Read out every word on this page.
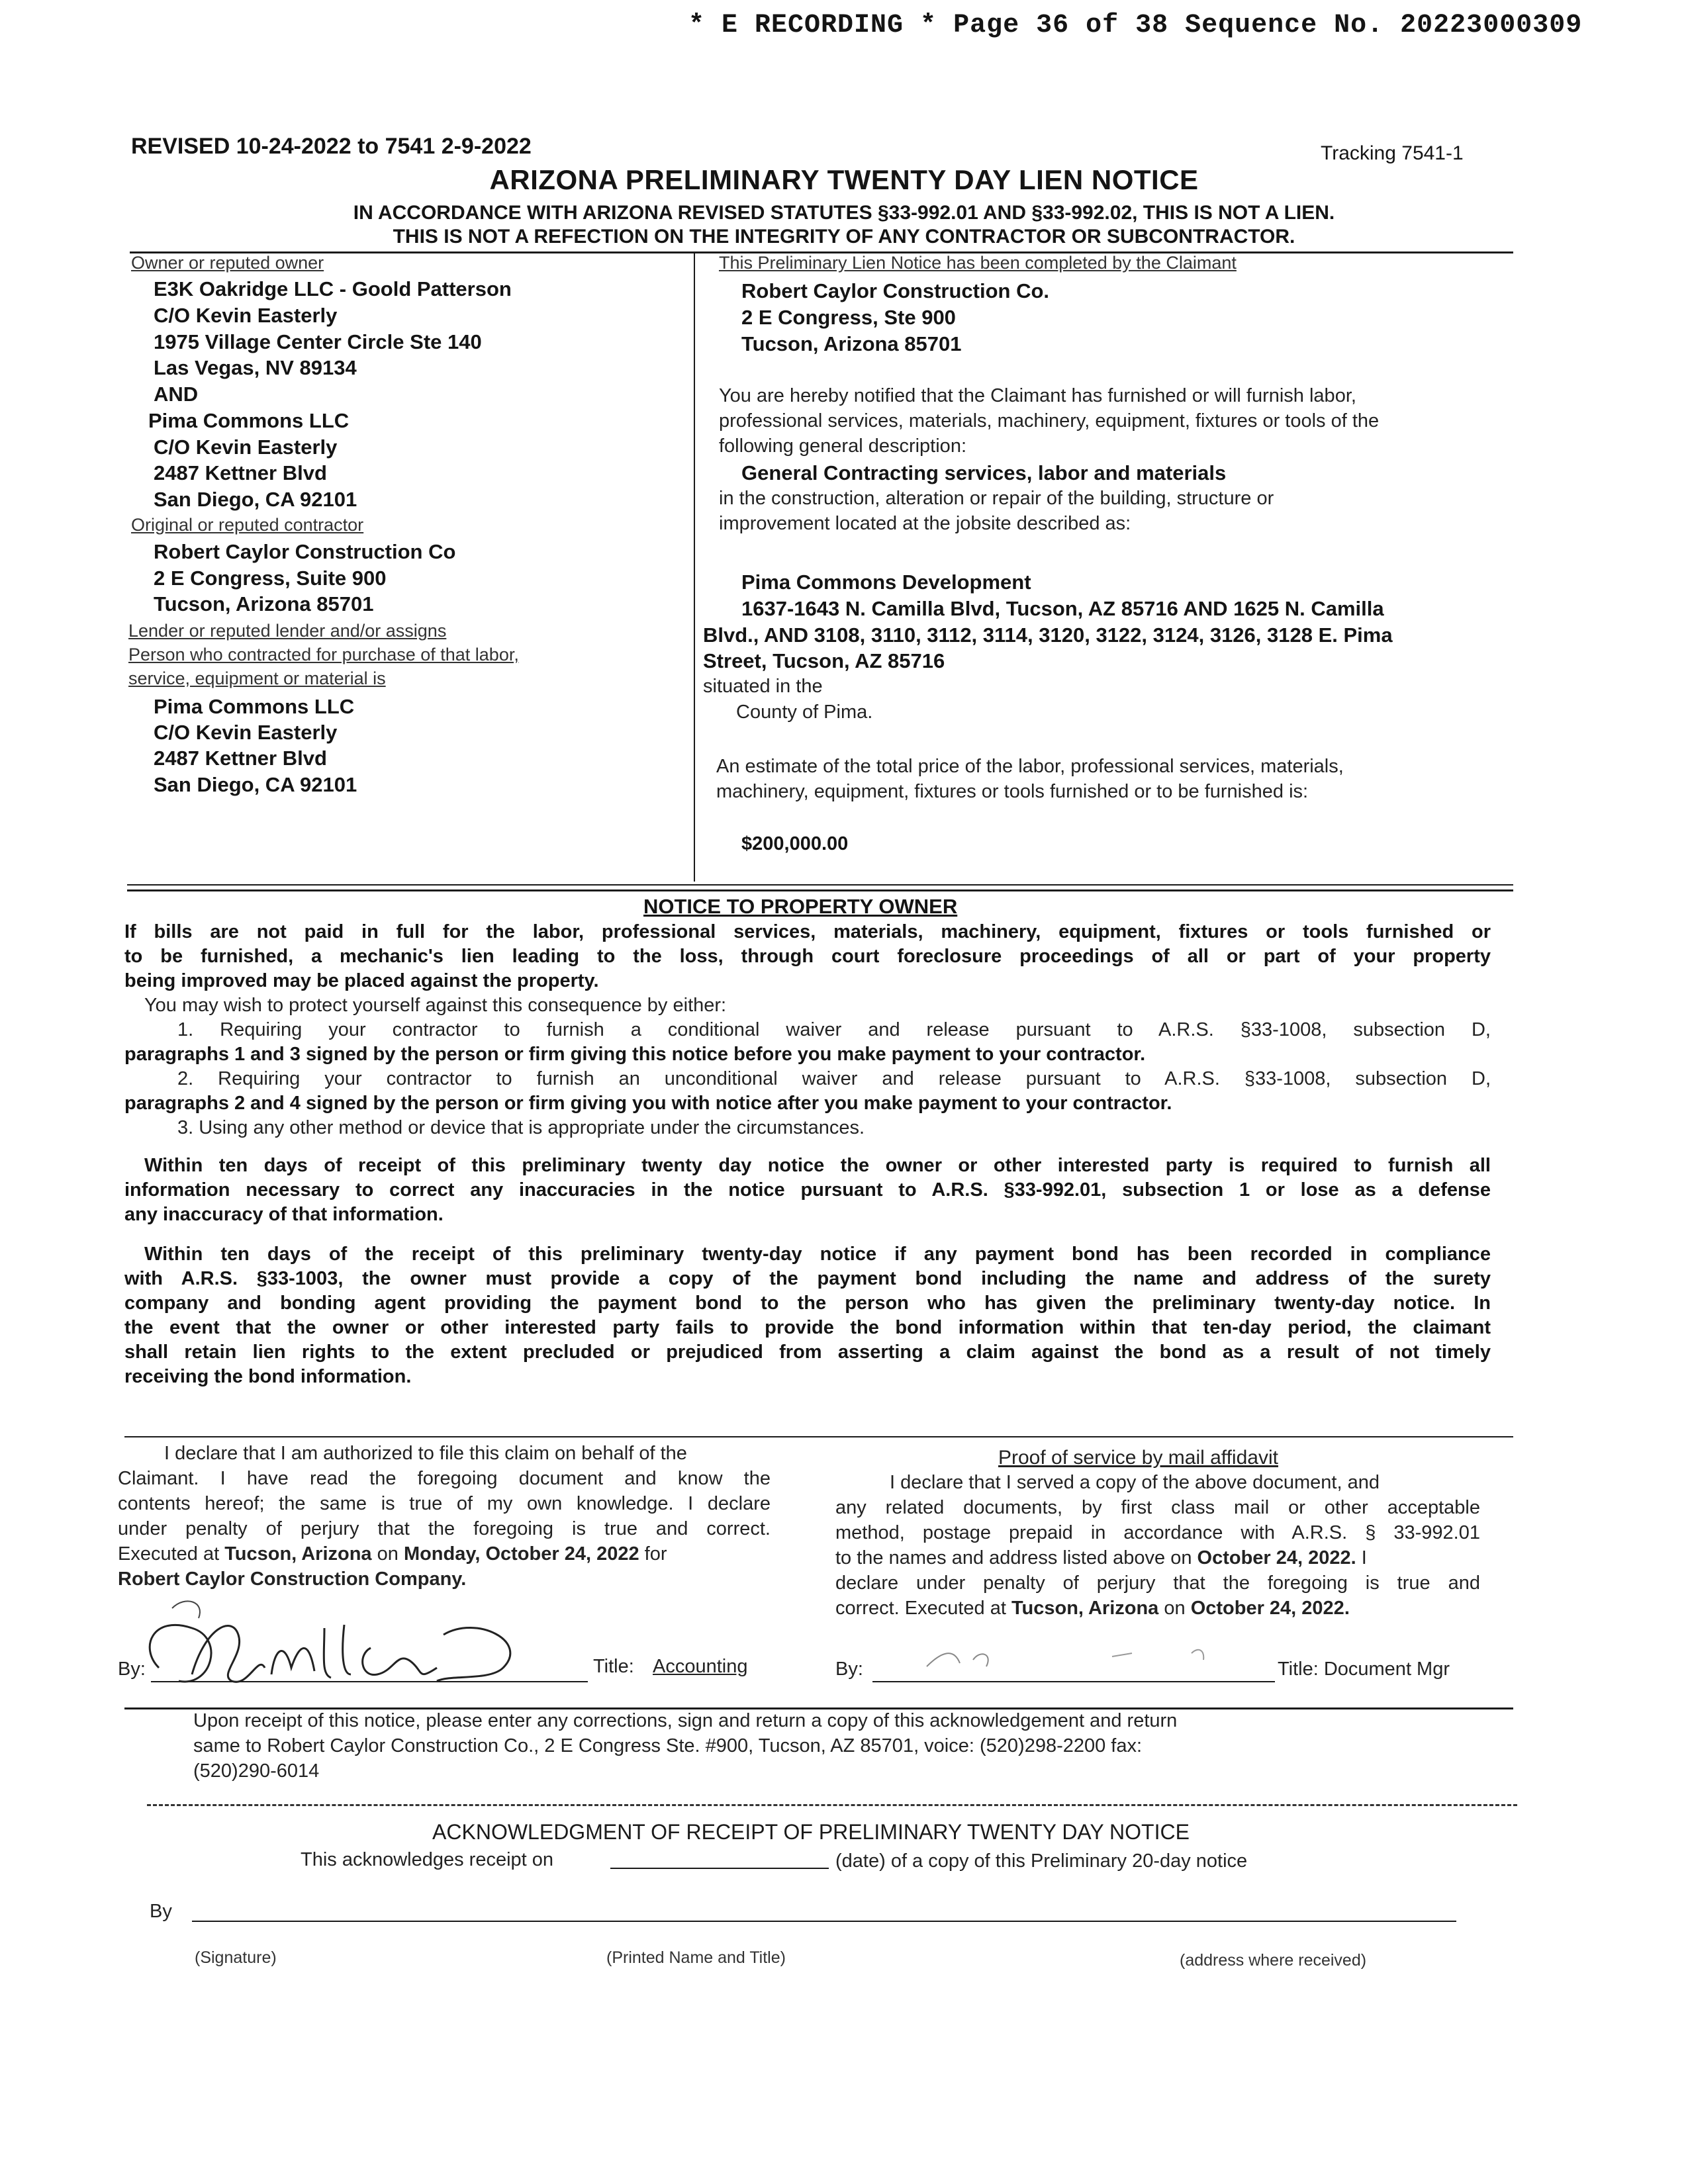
* E RECORDING * Page 36 of 38 Sequence No. 20223000309
REVISED 10-24-2022 to 7541 2-9-2022	Tracking 7541-1
ARIZONA PRELIMINARY TWENTY DAY LIEN NOTICE
IN ACCORDANCE WITH ARIZONA REVISED STATUTES §33-992.01 AND §33-992.02, THIS IS NOT A LIEN.
THIS IS NOT A REFECTION ON THE INTEGRITY OF ANY CONTRACTOR OR SUBCONTRACTOR.
Owner or reputed owner
E3K Oakridge LLC - Goold Patterson
C/O Kevin Easterly
1975 Village Center Circle Ste 140
Las Vegas, NV 89134
AND
Pima Commons LLC
C/O Kevin Easterly
2487 Kettner Blvd
San Diego, CA 92101
Original or reputed contractor
Robert Caylor Construction Co
2 E Congress, Suite 900
Tucson, Arizona 85701
Lender or reputed lender and/or assigns
Person who contracted for purchase of that labor,
service, equipment or material is
Pima Commons LLC
C/O Kevin Easterly
2487 Kettner Blvd
San Diego, CA 92101
This Preliminary Lien Notice has been completed by the Claimant
Robert Caylor Construction Co.
2 E Congress, Ste 900
Tucson, Arizona 85701
You are hereby notified that the Claimant has furnished or will furnish labor,
professional services, materials, machinery, equipment, fixtures or tools of the
following general description:
General Contracting services, labor and materials
in the construction, alteration or repair of the building, structure or
improvement located at the jobsite described as:
Pima Commons Development
1637-1643 N. Camilla Blvd, Tucson, AZ 85716 AND 1625 N. Camilla
Blvd., AND 3108, 3110, 3112, 3114, 3120, 3122, 3124, 3126, 3128 E. Pima
Street, Tucson, AZ 85716
situated in the
County of Pima.
An estimate of the total price of the labor, professional services, materials,
machinery, equipment, fixtures or tools furnished or to be furnished is:
$200,000.00
NOTICE TO PROPERTY OWNER
If bills are not paid in full for the labor, professional services, materials, machinery, equipment, fixtures or tools furnished or
to be furnished, a mechanic's lien leading to the loss, through court foreclosure proceedings of all or part of your property
being improved may be placed against the property.
You may wish to protect yourself against this consequence by either:
1. Requiring your contractor to furnish a conditional waiver and release pursuant to A.R.S. §33-1008, subsection D,
paragraphs 1 and 3 signed by the person or firm giving this notice before you make payment to your contractor.
2. Requiring your contractor to furnish an unconditional waiver and release pursuant to A.R.S. §33-1008, subsection D,
paragraphs 2 and 4 signed by the person or firm giving you with notice after you make payment to your contractor.
3. Using any other method or device that is appropriate under the circumstances.
Within ten days of receipt of this preliminary twenty day notice the owner or other interested party is required to furnish all
information necessary to correct any inaccuracies in the notice pursuant to A.R.S. §33-992.01, subsection 1 or lose as a defense
any inaccuracy of that information.
Within ten days of the receipt of this preliminary twenty-day notice if any payment bond has been recorded in compliance
with A.R.S. §33-1003, the owner must provide a copy of the payment bond including the name and address of the surety
company and bonding agent providing the payment bond to the person who has given the preliminary twenty-day notice. In
the event that the owner or other interested party fails to provide the bond information within that ten-day period, the claimant
shall retain lien rights to the extent precluded or prejudiced from asserting a claim against the bond as a result of not timely
receiving the bond information.
I declare that I am authorized to file this claim on behalf of the
Claimant. I have read the foregoing document and know the
contents hereof; the same is true of my own knowledge. I declare
under penalty of perjury that the foregoing is true and correct.
Executed at Tucson, Arizona on Monday, October 24, 2022 for
Robert Caylor Construction Company.
By:	Title: Accounting
Proof of service by mail affidavit
I declare that I served a copy of the above document, and
any related documents, by first class mail or other acceptable
method, postage prepaid in accordance with A.R.S. § 33-992.01
to the names and address listed above on October 24, 2022. I
declare under penalty of perjury that the foregoing is true and
correct. Executed at Tucson, Arizona on October 24, 2022.
By:	Title: Document Mgr
Upon receipt of this notice, please enter any corrections, sign and return a copy of this acknowledgement and return
same to Robert Caylor Construction Co., 2 E Congress Ste. #900, Tucson, AZ 85701, voice: (520)298-2200 fax:
(520)290-6014
ACKNOWLEDGMENT OF RECEIPT OF PRELIMINARY TWENTY DAY NOTICE
This acknowledges receipt on	(date) of a copy of this Preliminary 20-day notice
By
(Signature)	(Printed Name and Title)	(address where received)
